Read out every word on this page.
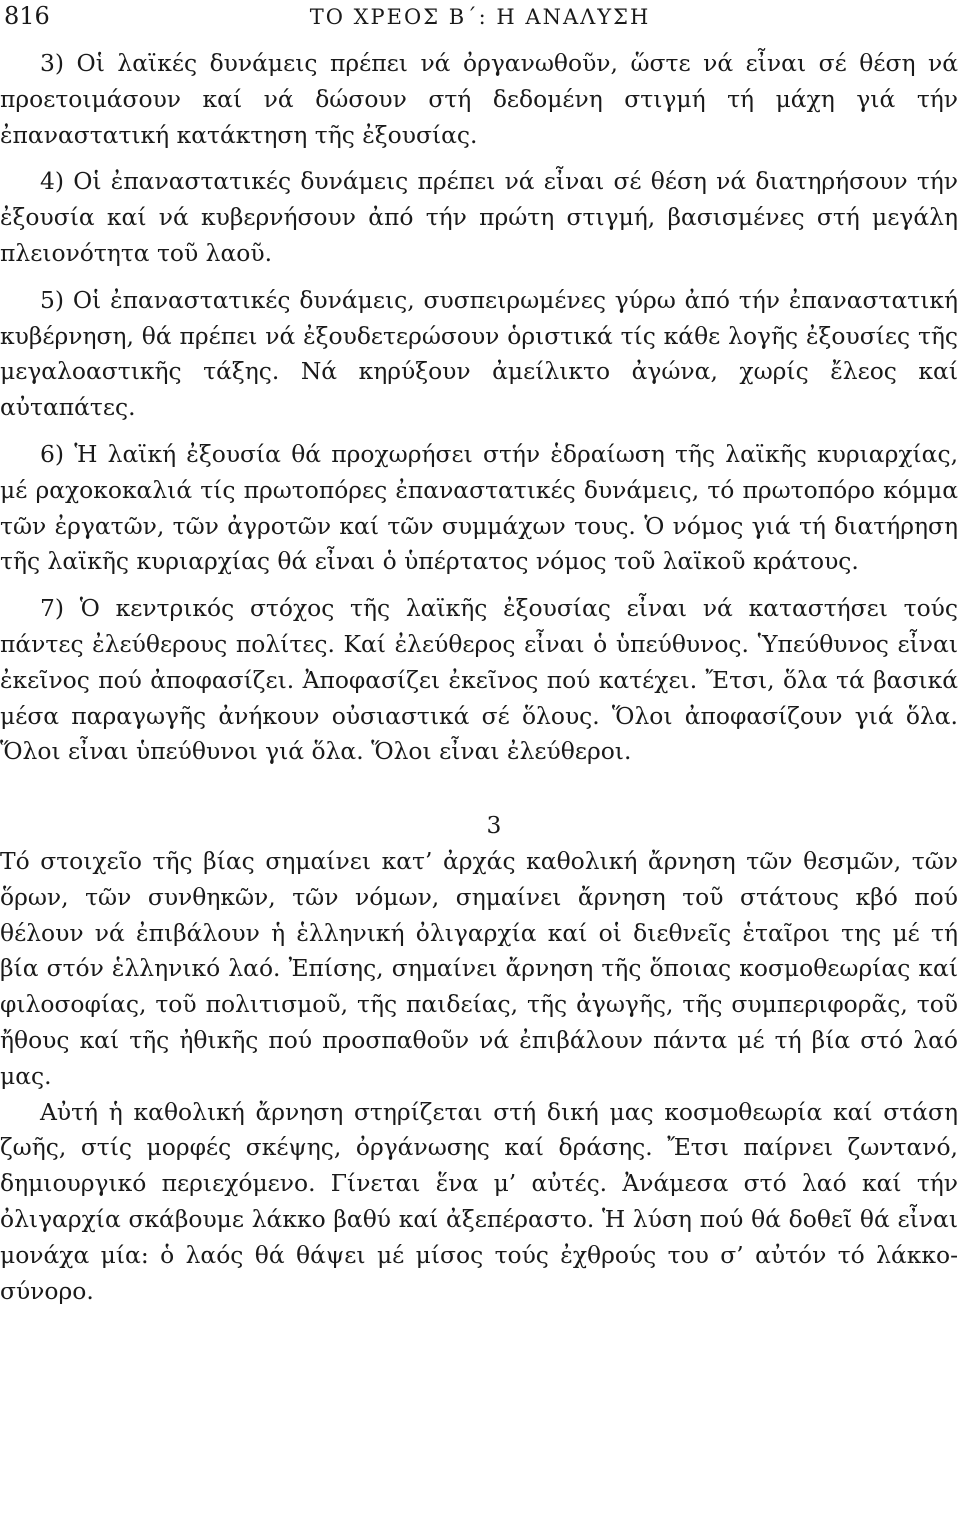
816	ΤΟ ΧΡΕΟΣ Β΄: Η ΑΝΑΛΥΣΗ

3) Οἱ λαϊκές δυνάμεις πρέπει νά ὀργανωθοῦν, ὥστε νά εἶναι σέ θέση νά προετοιμάσουν καί νά δώσουν στή δεδομένη στιγμή τή μάχη γιά τήν ἐπαναστατική κατάκτηση τῆς ἐξουσίας.

4) Οἱ ἐπαναστατικές δυνάμεις πρέπει νά εἶναι σέ θέση νά διατηρήσουν τήν ἐξουσία καί νά κυβερνήσουν ἀπό τήν πρώτη στιγμή, βασισμένες στή μεγάλη πλειονότητα τοῦ λαοῦ.

5) Οἱ ἐπαναστατικές δυνάμεις, συσπειρωμένες γύρω ἀπό τήν ἐπαναστατική κυβέρνηση, θά πρέπει νά ἐξουδετερώσουν ὁριστικά τίς κάθε λογῆς ἐξουσίες τῆς μεγαλοαστικῆς τάξης. Νά κηρύξουν ἀμείλικτο ἀγώνα, χωρίς ἔλεος καί αὐταπάτες.

6) Ἡ λαϊκή ἐξουσία θά προχωρήσει στήν ἑδραίωση τῆς λαϊκῆς κυριαρχίας, μέ ραχοκοκαλιά τίς πρωτοπόρες ἐπαναστατικές δυνάμεις, τό πρωτοπόρο κόμμα τῶν ἐργατῶν, τῶν ἀγροτῶν καί τῶν συμμάχων τους. Ὁ νόμος γιά τή διατήρηση τῆς λαϊκῆς κυριαρχίας θά εἶναι ὁ ὑπέρτατος νόμος τοῦ λαϊκοῦ κράτους.

7) Ὁ κεντρικός στόχος τῆς λαϊκῆς ἐξουσίας εἶναι νά καταστήσει τούς πάντες ἐλεύθερους πολίτες. Καί ἐλεύθερος εἶναι ὁ ὑπεύθυνος. Ὑπεύθυνος εἶναι ἐκεῖνος πού ἀποφασίζει. Ἀποφασίζει ἐκεῖνος πού κατέχει. Ἔτσι, ὅλα τά βασικά μέσα παραγωγῆς ἀνήκουν οὐσιαστικά σέ ὅλους. Ὅλοι ἀποφασίζουν γιά ὅλα. Ὅλοι εἶναι ὑπεύθυνοι γιά ὅλα. Ὅλοι εἶναι ἐλεύθεροι.

3

Τό στοιχεῖο τῆς βίας σημαίνει κατ’ ἀρχάς καθολική ἄρνηση τῶν θεσμῶν, τῶν ὅρων, τῶν συνθηκῶν, τῶν νόμων, σημαίνει ἄρνηση τοῦ στάτους κβό πού θέλουν νά ἐπιβάλουν ἡ ἑλληνική ὀλιγαρχία καί οἱ διεθνεῖς ἑταῖροι της μέ τή βία στόν ἑλληνικό λαό. Ἐπίσης, σημαίνει ἄρνηση τῆς ὅποιας κοσμοθεωρίας καί φιλοσοφίας, τοῦ πολιτισμοῦ, τῆς παιδείας, τῆς ἀγωγῆς, τῆς συμπεριφορᾶς, τοῦ ἤθους καί τῆς ἠθικῆς πού προσπαθοῦν νά ἐπιβάλουν πάντα μέ τή βία στό λαό μας.

Αὐτή ἡ καθολική ἄρνηση στηρίζεται στή δική μας κοσμοθεωρία καί στάση ζωῆς, στίς μορφές σκέψης, ὀργάνωσης καί δράσης. Ἔτσι παίρνει ζωντανό, δημιουργικό περιεχόμενο. Γίνεται ἕνα μ’ αὐτές. Ἀνάμεσα στό λαό καί τήν ὀλιγαρχία σκάβουμε λάκκο βαθύ καί ἀξεπέραστο. Ἡ λύση πού θά δοθεῖ θά εἶναι μονάχα μία: ὁ λαός θά θάψει μέ μίσος τούς ἐχθρούς του σ’ αὐτόν τό λάκκο-σύνορο.
